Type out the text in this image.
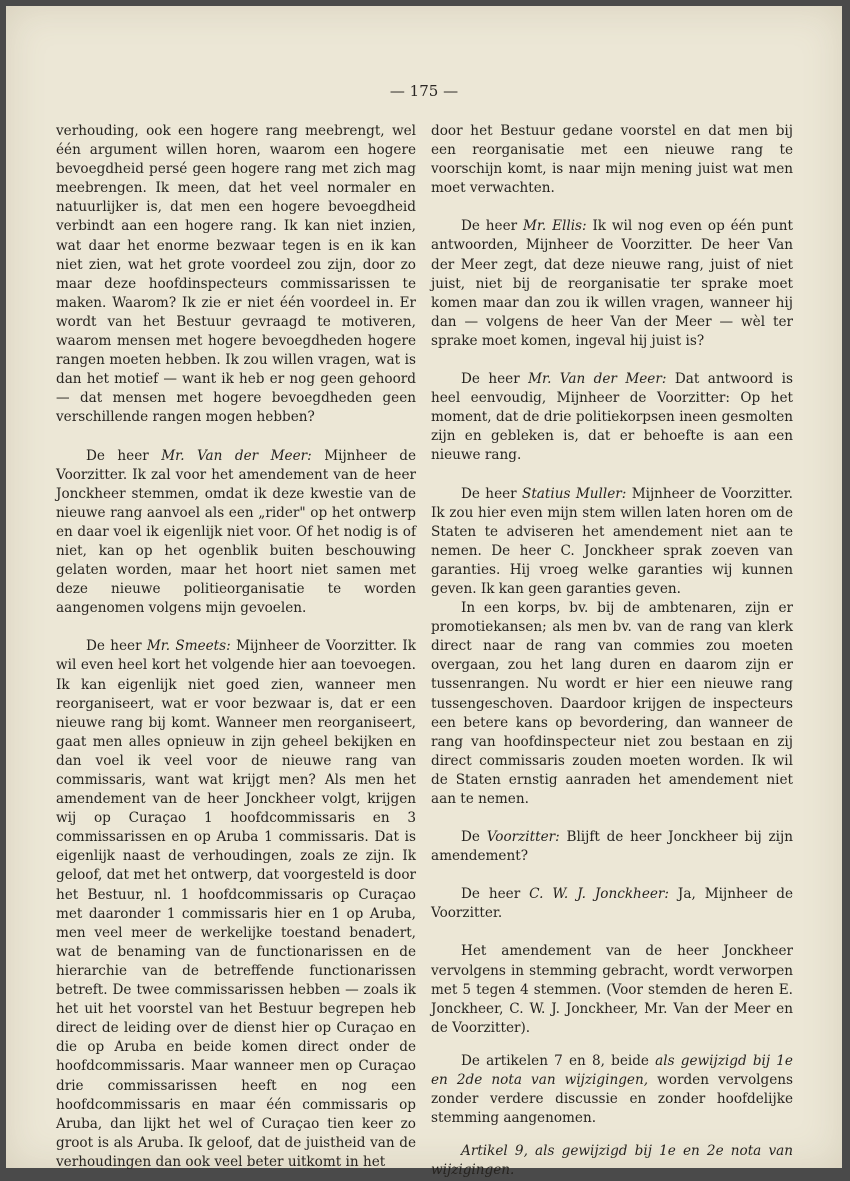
— 175 —

verhouding, ook een hogere rang meebrengt, wel één argument willen horen, waarom een hogere bevoegdheid persé geen hogere rang met zich mag meebrengen. Ik meen, dat het veel normaler en natuurlijker is, dat men een hogere bevoegdheid verbindt aan een hogere rang. Ik kan niet inzien, wat daar het enorme bezwaar tegen is en ik kan niet zien, wat het grote voordeel zou zijn, door zo maar deze hoofdinspecteurs commissarissen te maken. Waarom? Ik zie er niet één voordeel in. Er wordt van het Bestuur gevraagd te motiveren, waarom mensen met hogere bevoegdheden hogere rangen moeten hebben. Ik zou willen vragen, wat is dan het motief — want ik heb er nog geen gehoord — dat mensen met hogere bevoegdheden geen verschillende rangen mogen hebben?

De heer Mr. Van der Meer: Mijnheer de Voorzitter. Ik zal voor het amendement van de heer Jonckheer stemmen, omdat ik deze kwestie van de nieuwe rang aanvoel als een „rider" op het ontwerp en daar voel ik eigenlijk niet voor. Of het nodig is of niet, kan op het ogenblik buiten beschouwing gelaten worden, maar het hoort niet samen met deze nieuwe politieorganisatie te worden aangenomen volgens mijn gevoelen.

De heer Mr. Smeets: Mijnheer de Voorzitter. Ik wil even heel kort het volgende hier aan toevoegen. Ik kan eigenlijk niet goed zien, wanneer men reorganiseert, wat er voor bezwaar is, dat er een nieuwe rang bij komt. Wanneer men reorganiseert, gaat men alles opnieuw in zijn geheel bekijken en dan voel ik veel voor de nieuwe rang van commissaris, want wat krijgt men? Als men het amendement van de heer Jonckheer volgt, krijgen wij op Curaçao 1 hoofdcommissaris en 3 commissarissen en op Aruba 1 commissaris. Dat is eigenlijk naast de verhoudingen, zoals ze zijn. Ik geloof, dat met het ontwerp, dat voorgesteld is door het Bestuur, nl. 1 hoofdcommissaris op Curaçao met daaronder 1 commissaris hier en 1 op Aruba, men veel meer de werkelijke toestand benadert, wat de benaming van de functionarissen en de hierarchie van de betreffende functionarissen betreft. De twee commissarissen hebben — zoals ik het uit het voorstel van het Bestuur begrepen heb direct de leiding over de dienst hier op Curaçao en die op Aruba en beide komen direct onder de hoofdcommissaris. Maar wanneer men op Curaçao drie commissarissen heeft en nog een hoofdcommissaris en maar één commissaris op Aruba, dan lijkt het wel of Curaçao tien keer zo groot is als Aruba. Ik geloof, dat de juistheid van de verhoudingen dan ook veel beter uitkomt in het

door het Bestuur gedane voorstel en dat men bij een reorganisatie met een nieuwe rang te voorschijn komt, is naar mijn mening juist wat men moet verwachten.

De heer Mr. Ellis: Ik wil nog even op één punt antwoorden, Mijnheer de Voorzitter. De heer Van der Meer zegt, dat deze nieuwe rang, juist of niet juist, niet bij de reorganisatie ter sprake moet komen maar dan zou ik willen vragen, wanneer hij dan — volgens de heer Van der Meer — wèl ter sprake moet komen, ingeval hij juist is?

De heer Mr. Van der Meer: Dat antwoord is heel eenvoudig, Mijnheer de Voorzitter: Op het moment, dat de drie politiekorpsen ineen gesmolten zijn en gebleken is, dat er behoefte is aan een nieuwe rang.

De heer Statius Muller: Mijnheer de Voorzitter. Ik zou hier even mijn stem willen laten horen om de Staten te adviseren het amendement niet aan te nemen. De heer C. Jonckheer sprak zoeven van garanties. Hij vroeg welke garanties wij kunnen geven. Ik kan geen garanties geven.

In een korps, bv. bij de ambtenaren, zijn er promotiekansen; als men bv. van de rang van klerk direct naar de rang van commies zou moeten overgaan, zou het lang duren en daarom zijn er tussenrangen. Nu wordt er hier een nieuwe rang tussengeschoven. Daardoor krijgen de inspecteurs een betere kans op bevordering, dan wanneer de rang van hoofdinspecteur niet zou bestaan en zij direct commissaris zouden moeten worden. Ik wil de Staten ernstig aanraden het amendement niet aan te nemen.

De Voorzitter: Blijft de heer Jonckheer bij zijn amendement?

De heer C. W. J. Jonckheer: Ja, Mijnheer de Voorzitter.

Het amendement van de heer Jonckheer vervolgens in stemming gebracht, wordt verworpen met 5 tegen 4 stemmen. (Voor stemden de heren E. Jonckheer, C. W. J. Jonckheer, Mr. Van der Meer en de Voorzitter).

De artikelen 7 en 8, beide als gewijzigd bij 1e en 2de nota van wijzigingen, worden vervolgens zonder verdere discussie en zonder hoofdelijke stemming aangenomen.

Artikel 9, als gewijzigd bij 1e en 2e nota van wijzigingen.
